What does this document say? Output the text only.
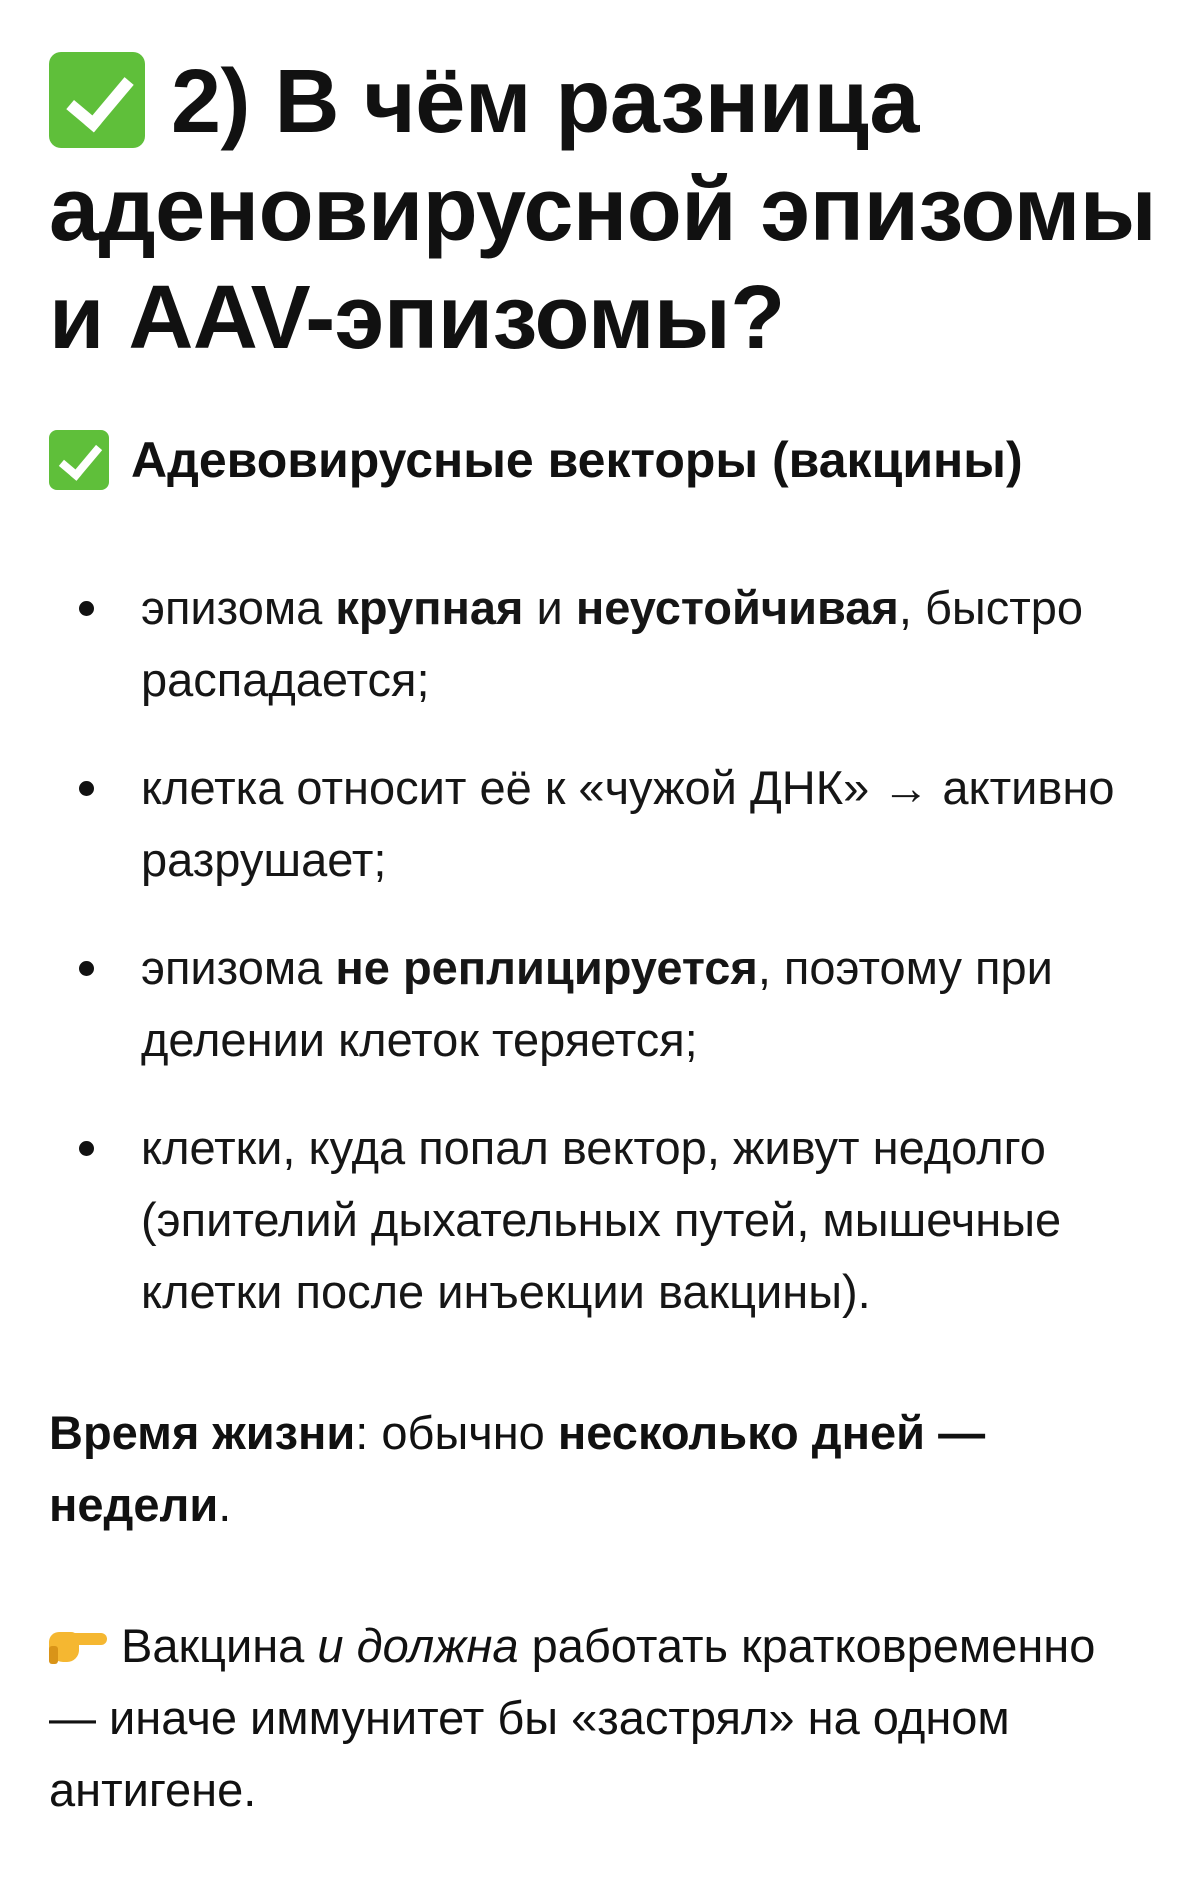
2) В чём разница
аденовирусной эпизомы
и AAV-эпизомы?
Адевовирусные векторы (вакцины)
эпизома крупная и неустойчивая, быстро распадается;
клетка относит её к «чужой ДНК» → активно разрушает;
эпизома не реплицируется, поэтому при делении клеток теряется;
клетки, куда попал вектор, живут недолго (эпителий дыхательных путей, мышечные клетки после инъекции вакцины).

Время жизни: обычно несколько дней — недели.

Вакцина и должна работать кратковременно — иначе иммунитет бы «застрял» на одном антигене.
